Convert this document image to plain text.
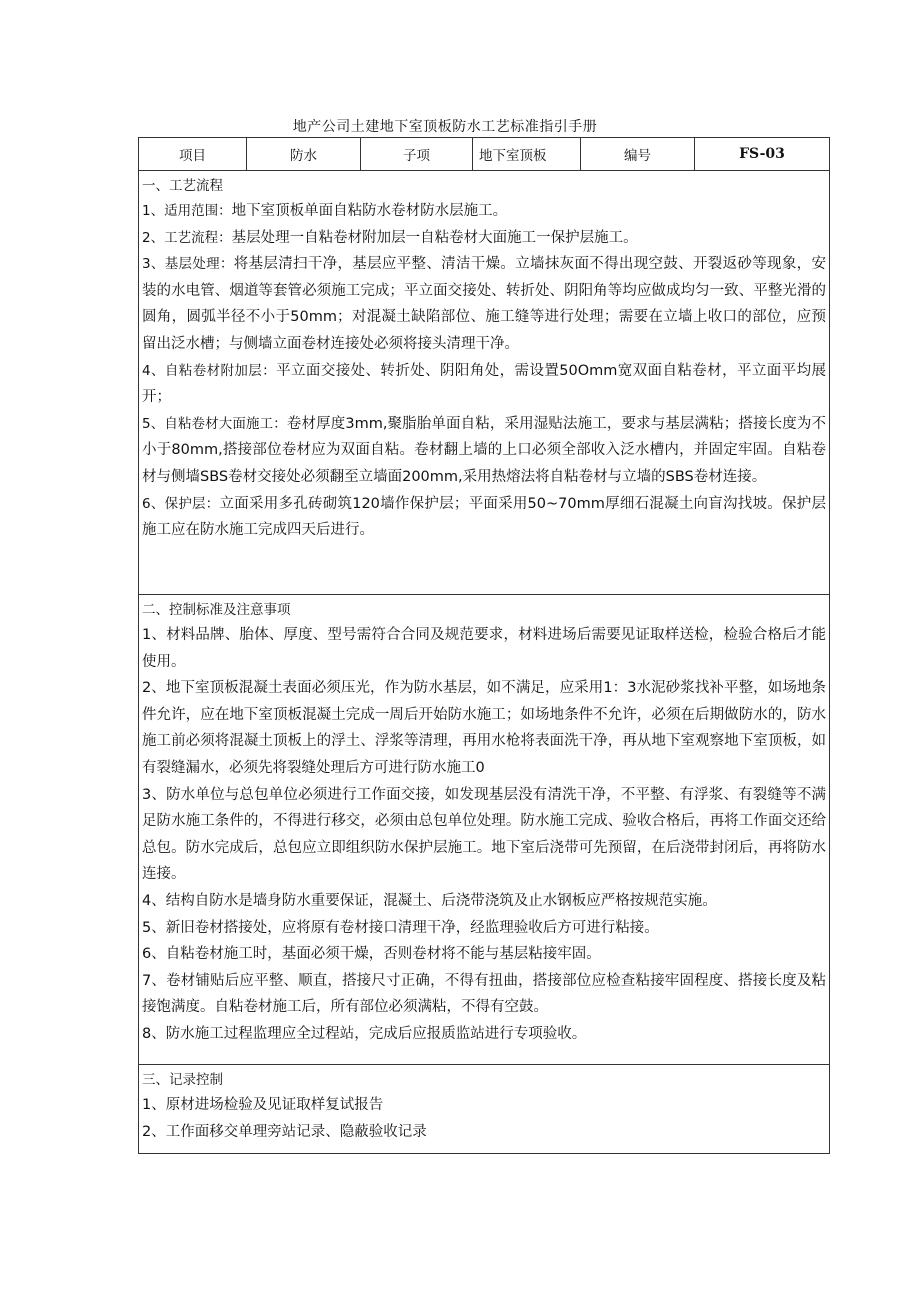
地产公司土建地下室顶板防水工艺标准指引手册
项目	防水	子项	地下室顶板	编号	FS-03
一、工艺流程

1、适用范围：地下室顶板单面自粘防水卷材防水层施工。

2、工艺流程：基层处理一自粘卷材附加层一自粘卷材大面施工一保护层施工。

3、基层处理：将基层清扫干净，基层应平整、清洁干燥。立墙抹灰面不得出现空鼓、开裂返砂等现象，安装的水电管、烟道等套管必须施工完成；平立面交接处、转折处、阴阳角等均应做成均匀一致、平整光滑的圆角，圆弧半径不小于50mm；对混凝土缺陷部位、施工缝等进行处理；需要在立墙上收口的部位，应预留出泛水槽；与侧墙立面卷材连接处必须将接头清理干净。

4、自粘卷材附加层：平立面交接处、转折处、阴阳角处，需设置50Omm宽双面自粘卷材，平立面平均展开；

5、自粘卷材大面施工：卷材厚度3mm,聚脂胎单面自粘，采用湿贴法施工，要求与基层满粘；搭接长度为不小于80mm,搭接部位卷材应为双面自粘。卷材翻上墙的上口必须全部收入泛水槽内，并固定牢固。自粘卷材与侧墙SBS卷材交接处必须翻至立墙面200mm,采用热熔法将自粘卷材与立墙的SBS卷材连接。

6、保护层：立面采用多孔砖砌筑120墙作保护层；平面采用50~70mm厚细石混凝土向盲沟找坡。保护层施工应在防水施工完成四天后进行。

二、控制标准及注意事项

1、材料品牌、胎体、厚度、型号需符合合同及规范要求，材料进场后需要见证取样送检，检验合格后才能使用。

2、地下室顶板混凝土表面必须压光，作为防水基层，如不满足，应采用1：3水泥砂浆找补平整，如场地条件允许，应在地下室顶板混凝土完成一周后开始防水施工；如场地条件不允许，必须在后期做防水的，防水施工前必须将混凝土顶板上的浮土、浮浆等清理，再用水枪将表面洗干净，再从地下室观察地下室顶板，如有裂缝漏水，必须先将裂缝处理后方可进行防水施工0

3、防水单位与总包单位必须进行工作面交接，如发现基层没有清洗干净，不平整、有浮浆、有裂缝等不满足防水施工条件的，不得进行移交，必须由总包单位处理。防水施工完成、验收合格后，再将工作面交还给总包。防水完成后，总包应立即组织防水保护层施工。地下室后浇带可先预留，在后浇带封闭后，再将防水连接。

4、结构自防水是墙身防水重要保证，混凝土、后浇带浇筑及止水钢板应严格按规范实施。

5、新旧卷材搭接处，应将原有卷材接口清理干净，经监理验收后方可进行粘接。

6、自粘卷材施工时，基面必须干燥，否则卷材将不能与基层粘接牢固。

7、卷材铺贴后应平整、顺直，搭接尺寸正确，不得有扭曲，搭接部位应检查粘接牢固程度、搭接长度及粘接饱满度。自粘卷材施工后，所有部位必须满粘，不得有空鼓。

8、防水施工过程监理应全过程站，完成后应报质监站进行专项验收。

三、记录控制

1、原材进场检验及见证取样复试报告

2、工作面移交单理旁站记录、隐蔽验收记录
